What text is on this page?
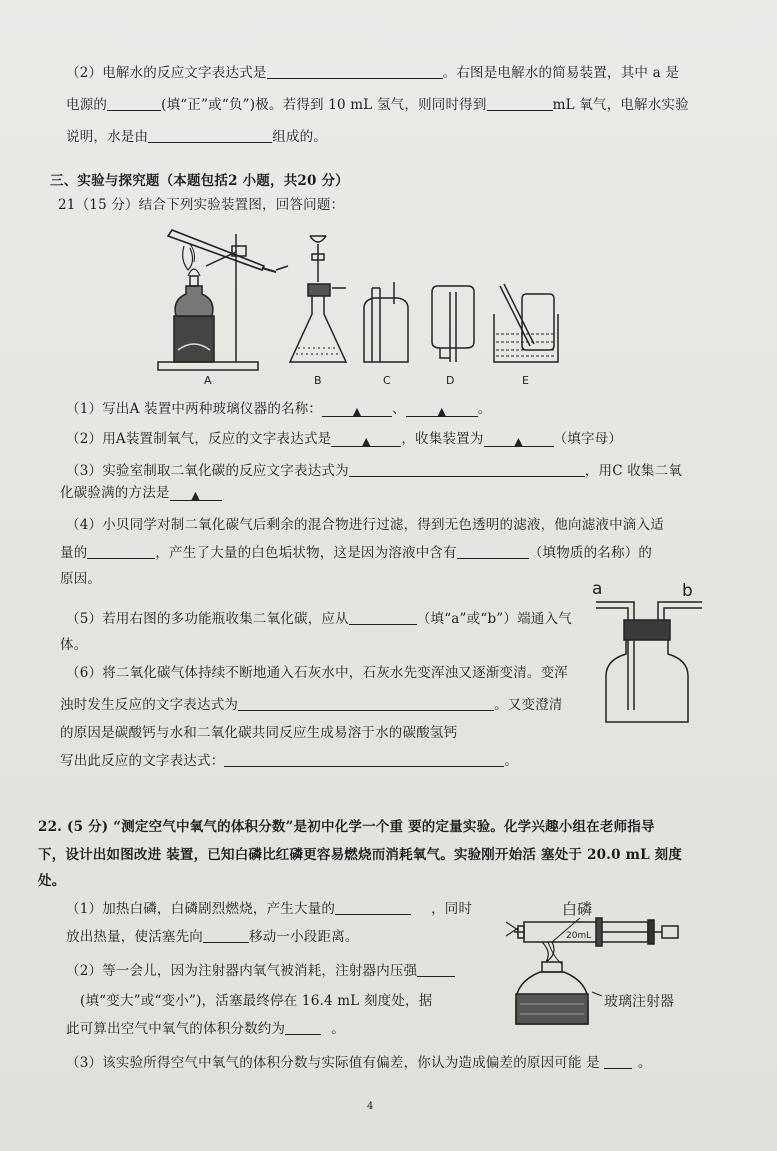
（2）电解水的反应文字表达式是	。右图是电解水的简易装置，其中 a 是
电源的	(填“正”或“负”)极。若得到 10 mL 氢气，则同时得到	mL 氧气，电解水实验
说明，水是由	组成的。
三、实验与探究题（本题包括2 小题，共20 分）
21（15 分）结合下列实验装置图，回答问题：
A	B	C	D	E
（1）写出A 装置中两种玻璃仪器的名称：	▲ 、	▲ 。
（2）用A装置制氧气，反应的文字表达式是	▲ ，收集装置为	▲ （填字母）
（3）实验室制取二氧化碳的反应文字表达式为	，用C 收集二氧
化碳验满的方法是 ▲
（4）小贝同学对制二氧化碳气后剩余的混合物进行过滤，得到无色透明的滤液，他向滤液中滴入适
量的	，产生了大量的白色垢状物，这是因为溶液中含有	（填物质的名称）的
原因。
（5）若用右图的多功能瓶收集二氧化碳，应从	（填“a”或“b”）端通入气
体。
（6）将二氧化碳气体持续不断地通入石灰水中，石灰水先变浑浊又逐渐变清。变浑
浊时发生反应的文字表达式为	。又变澄清
的原因是碳酸钙与水和二氧化碳共同反应生成易溶于水的碳酸氢钙
写出此反应的文字表达式：	。
a	b
22. (5 分) “测定空气中氧气的体积分数”是初中化学一个重 要的定量实验。化学兴趣小组在老师指导
下，设计出如图改进 装置，已知白磷比红磷更容易燃烧而消耗氧气。实验刚开始活 塞处于 20.0 mL 刻度
处。
（1）加热白磷，白磷剧烈燃烧，产生大量的	，同时
放出热量，使活塞先向	移动一小段距离。
（2）等一会儿，因为注射器内氧气被消耗，注射器内压强
(填“变大”或“变小”)，活塞最终停在 16.4 mL 刻度处，据
此可算出空气中氧气的体积分数约为	。
（3）该实验所得空气中氧气的体积分数与实际值有偏差，你认为造成偏差的原因可能 是	。
白磷
20mL
玻璃注射器
4
